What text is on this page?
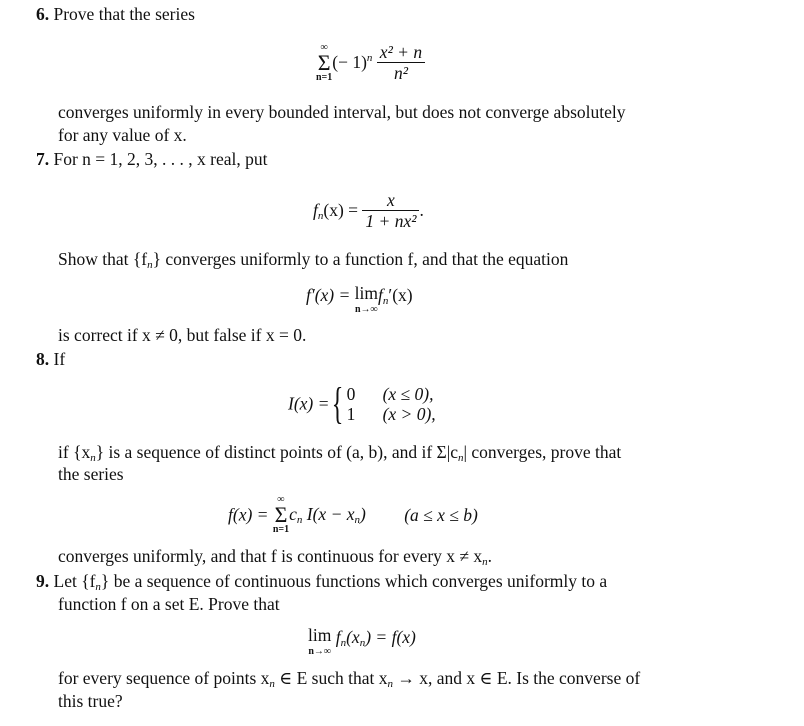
6. Prove that the series
∞
Σ
n=1
(− $1)^n \frac{\text{x² + n}}{\text{n²}}$
converges uniformly in every bounded interval, but does not converge absolutely
for any value of x.
7. For n = 1, 2, 3, . . . , x real, put
$f_n(x) = \frac{x}{\text{1 + nx²}}$ .
Show that $\{f_n\}$ converges uniformly to a function f, and that the equation
f′(x) = lim
n→∞
$f_n'(x)$
is correct if x ≠ 0, but false if x = 0.
8. If
I(x) ={ 0 (x ≤ 0),
1 (x > 0),
if $\{x_n\}$ is a sequence of distinct points of (a, b), and if $\Sigma|c_n|$ converges, prove that
the series
f(x) =
∞
Σ
n=1
$c_n$ $I(x - x_n)$ (a ≤ x ≤ b)
converges uniformly, and that f is continuous for every $x \ne x_n$.
9. Let $\{f_n\}$ be a sequence of continuous functions which converges uniformly to a
function f on a set E. Prove that
lim
n→∞
$f_n(x_n) = f(x)$
for every sequence of points $x_n$ ∈ E such that $x_n \to x$, and x ∈ E. Is the converse of
this true?
